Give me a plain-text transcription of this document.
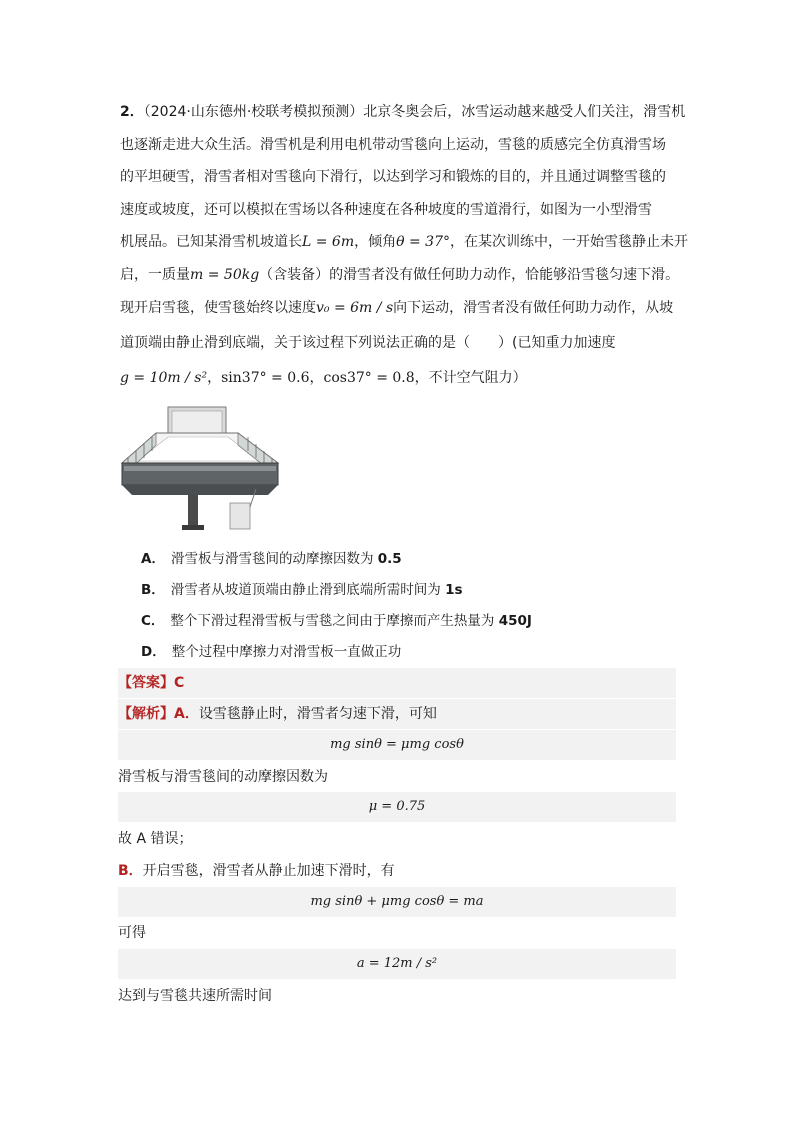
2．（2024·山东德州·校联考模拟预测）北京冬奥会后，冰雪运动越来越受人们关注，滑雪机
也逐渐走进大众生活。滑雪机是利用电机带动雪毯向上运动，雪毯的质感完全仿真滑雪场
的平坦硬雪，滑雪者相对雪毯向下滑行，以达到学习和锻炼的目的，并且通过调整雪毯的
速度或坡度，还可以模拟在雪场以各种速度在各种坡度的雪道滑行，如图为一小型滑雪
机展品。已知某滑雪机坡道长L = 6m，倾角θ = 37°，在某次训练中，一开始雪毯静止未开
启，一质量m = 50kg（含装备）的滑雪者没有做任何助力动作，恰能够沿雪毯匀速下滑。
现开启雪毯，使雪毯始终以速度v₀ = 6m / s向下运动，滑雪者没有做任何助力动作，从坡
道顶端由静止滑到底端，关于该过程下列说法正确的是（　　）(已知重力加速度
g = 10m / s²，sin37° = 0.6，cos37° = 0.8，不计空气阻力）
A． 滑雪板与滑雪毯间的动摩擦因数为 0.5
B． 滑雪者从坡道顶端由静止滑到底端所需时间为 1s
C． 整个下滑过程滑雪板与雪毯之间由于摩擦而产生热量为 450J
D． 整个过程中摩擦力对滑雪板一直做正功
【答案】C
【解析】A．设雪毯静止时，滑雪者匀速下滑，可知
mg sinθ = μmg cosθ
滑雪板与滑雪毯间的动摩擦因数为
μ = 0.75
故 A 错误；
B．开启雪毯，滑雪者从静止加速下滑时，有
mg sinθ + μmg cosθ = ma
可得
a = 12m / s²
达到与雪毯共速所需时间
